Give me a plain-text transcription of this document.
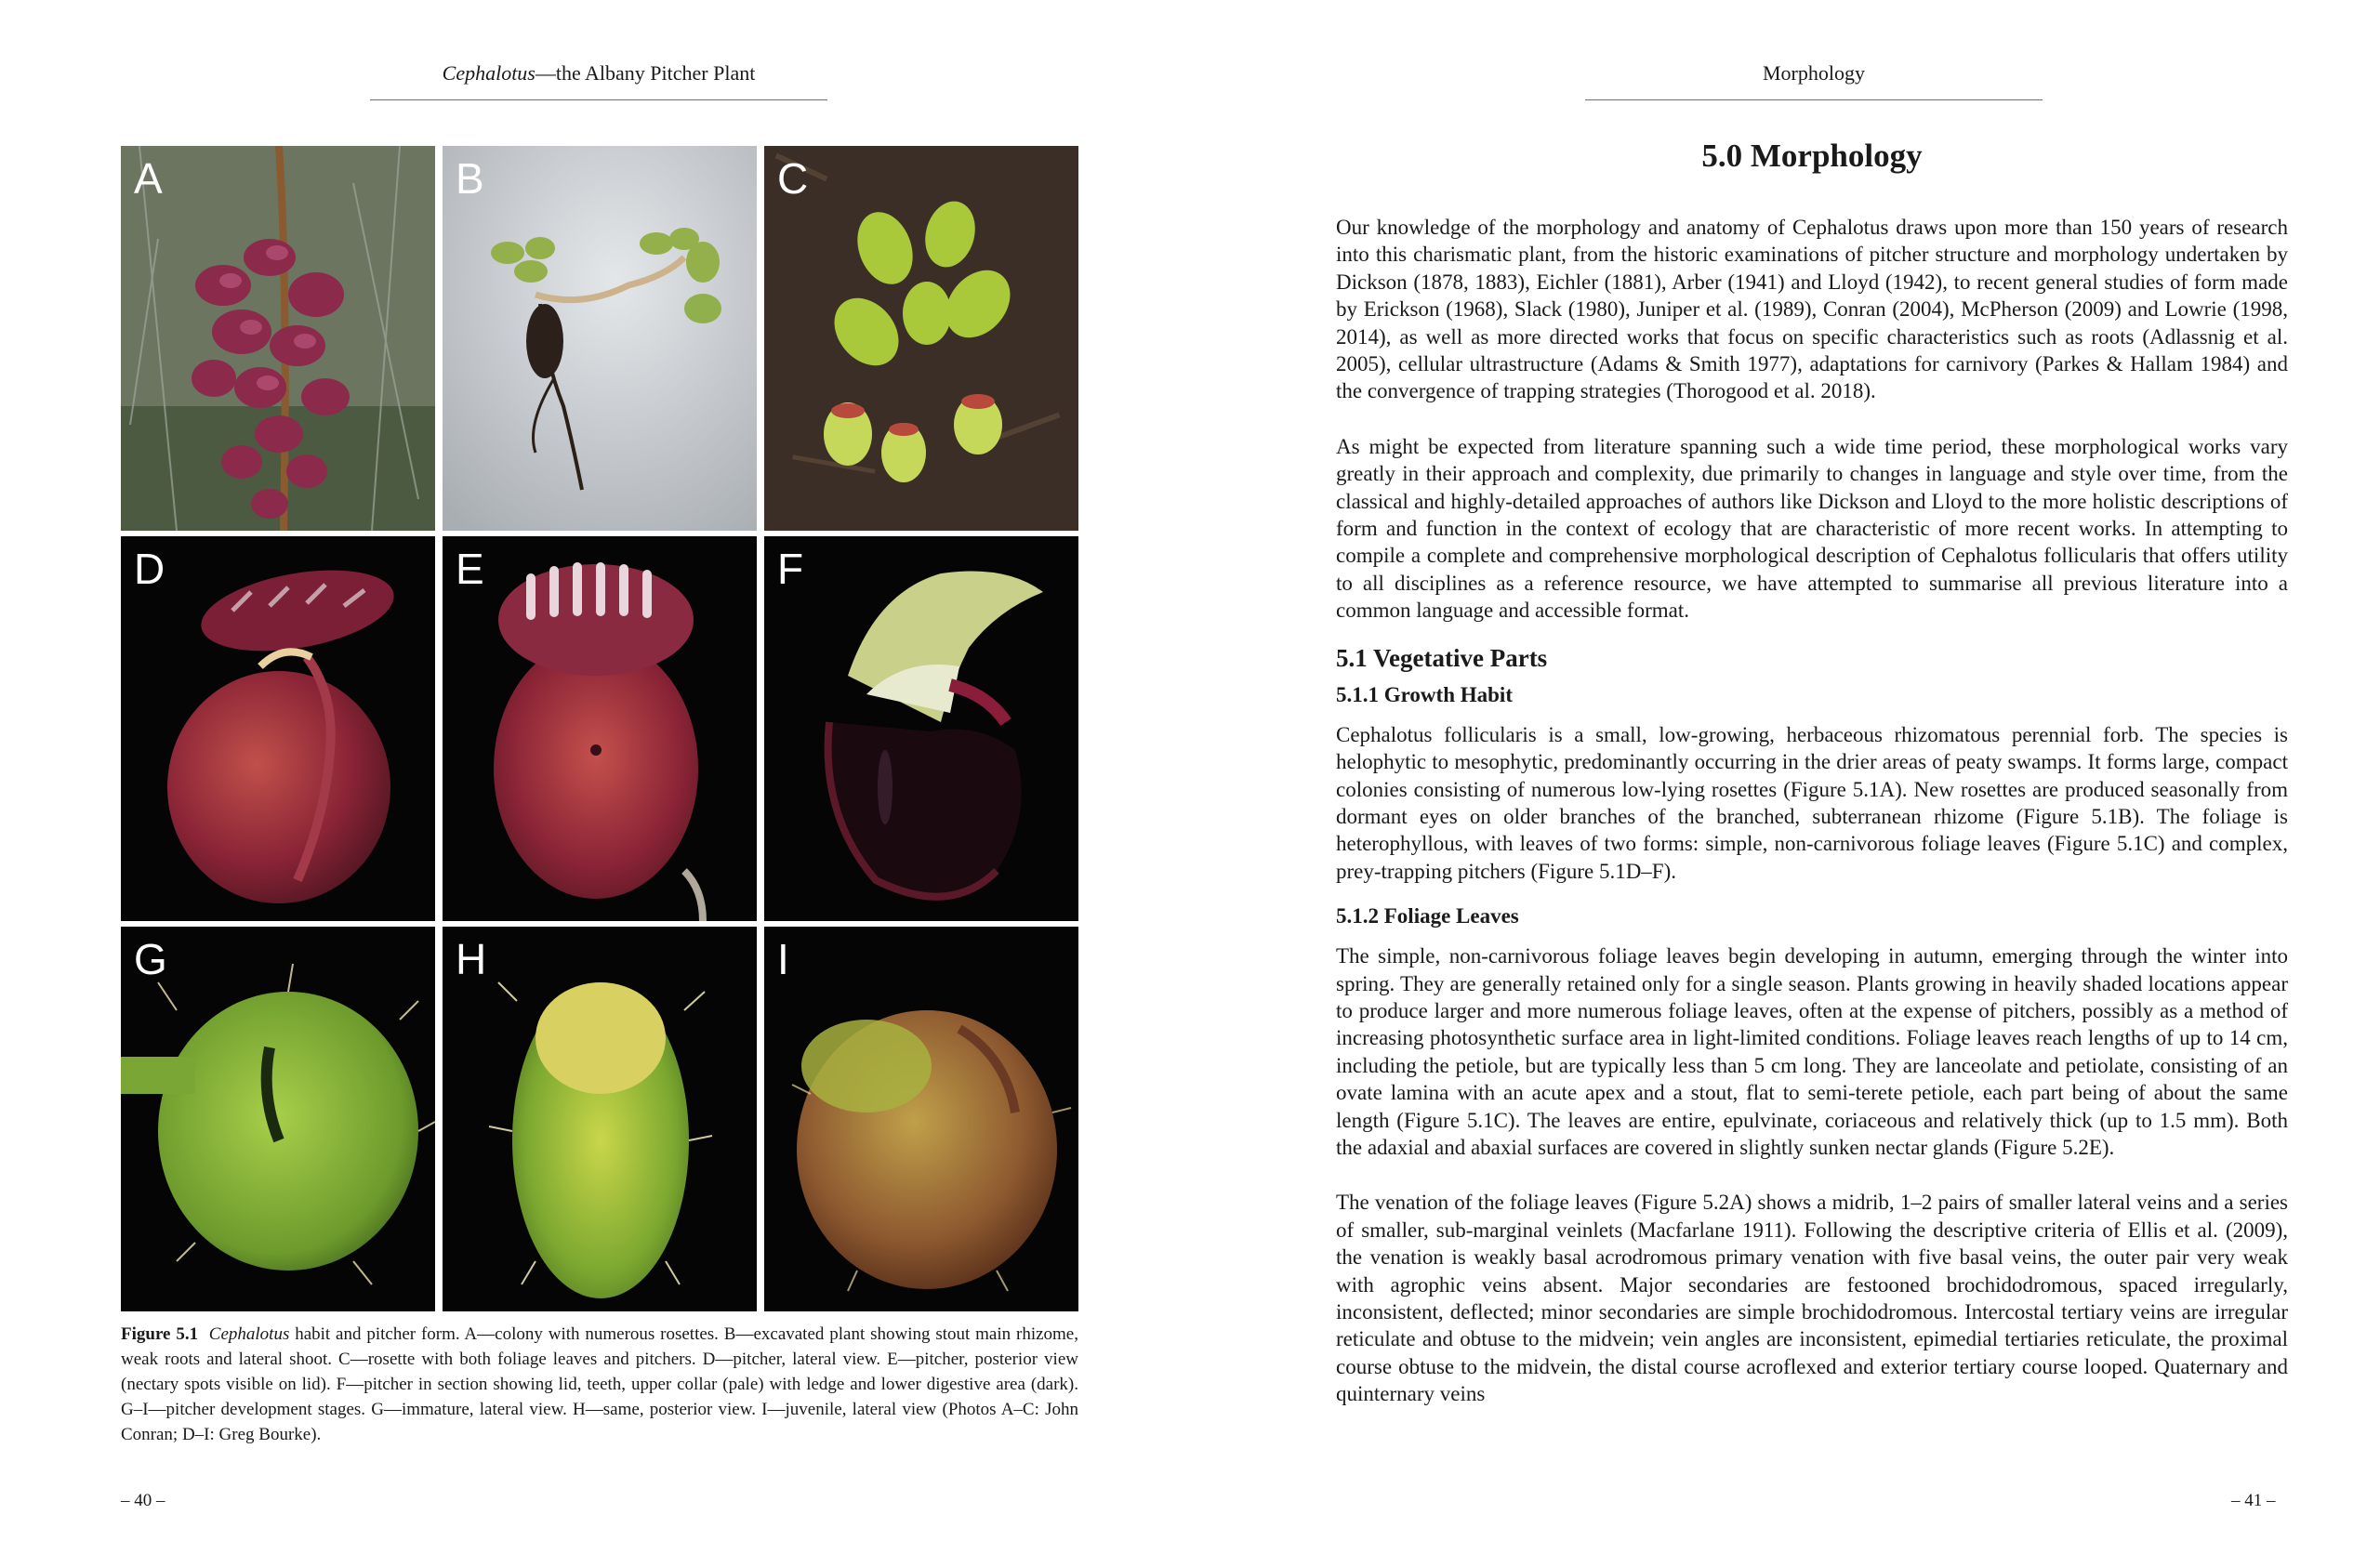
Cephalotus—the Albany Pitcher Plant
A	B	C
D	E	F
G	H	I
Figure 5.1 Cephalotus habit and pitcher form. A—colony with numerous rosettes. B—excavated plant showing stout main rhizome, weak roots and lateral shoot. C—rosette with both foliage leaves and pitchers. D—pitcher, lateral view. E—pitcher, posterior view (nectary spots visible on lid). F—pitcher in section showing lid, teeth, upper collar (pale) with ledge and lower digestive area (dark). G–I—pitcher development stages. G—immature, lateral view. H—same, posterior view. I—juvenile, lateral view (Photos A–C: John Conran; D–I: Greg Bourke).
– 40 –
Morphology
5.0 Morphology

Our knowledge of the morphology and anatomy of Cephalotus draws upon more than 150 years of research into this charismatic plant, from the historic examinations of pitcher structure and morphology undertaken by Dickson (1878, 1883), Eichler (1881), Arber (1941) and Lloyd (1942), to recent general studies of form made by Erickson (1968), Slack (1980), Juniper et al. (1989), Conran (2004), McPherson (2009) and Lowrie (1998, 2014), as well as more directed works that focus on specific characteristics such as roots (Adlassnig et al. 2005), cellular ultrastructure (Adams & Smith 1977), adaptations for carnivory (Parkes & Hallam 1984) and the convergence of trapping strategies (Thorogood et al. 2018).

As might be expected from literature spanning such a wide time period, these morphological works vary greatly in their approach and complexity, due primarily to changes in language and style over time, from the classical and highly-detailed approaches of authors like Dickson and Lloyd to the more holistic descriptions of form and function in the context of ecology that are characteristic of more recent works. In attempting to compile a complete and comprehensive morphological description of Cephalotus follicularis that offers utility to all disciplines as a reference resource, we have attempted to summarise all previous literature into a common language and accessible format.

5.1 Vegetative Parts
5.1.1 Growth Habit

Cephalotus follicularis is a small, low-growing, herbaceous rhizomatous perennial forb. The species is helophytic to mesophytic, predominantly occurring in the drier areas of peaty swamps. It forms large, compact colonies consisting of numerous low-lying rosettes (Figure 5.1A). New rosettes are produced seasonally from dormant eyes on older branches of the branched, subterranean rhizome (Figure 5.1B). The foliage is heterophyllous, with leaves of two forms: simple, non-carnivorous foliage leaves (Figure 5.1C) and complex, prey-trapping pitchers (Figure 5.1D–F).

5.1.2 Foliage Leaves

The simple, non-carnivorous foliage leaves begin developing in autumn, emerging through the winter into spring. They are generally retained only for a single season. Plants growing in heavily shaded locations appear to produce larger and more numerous foliage leaves, often at the expense of pitchers, possibly as a method of increasing photosynthetic surface area in light-limited conditions. Foliage leaves reach lengths of up to 14 cm, including the petiole, but are typically less than 5 cm long. They are lanceolate and petiolate, consisting of an ovate lamina with an acute apex and a stout, flat to semi-terete petiole, each part being of about the same length (Figure 5.1C). The leaves are entire, epulvinate, coriaceous and relatively thick (up to 1.5 mm). Both the adaxial and abaxial surfaces are covered in slightly sunken nectar glands (Figure 5.2E).

The venation of the foliage leaves (Figure 5.2A) shows a midrib, 1–2 pairs of smaller lateral veins and a series of smaller, sub-marginal veinlets (Macfarlane 1911). Following the descriptive criteria of Ellis et al. (2009), the venation is weakly basal acrodromous primary venation with five basal veins, the outer pair very weak with agrophic veins absent. Major secondaries are festooned brochidodromous, spaced irregularly, inconsistent, deflected; minor secondaries are simple brochidodromous. Intercostal tertiary veins are irregular reticulate and obtuse to the midvein; vein angles are inconsistent, epimedial tertiaries reticulate, the proximal course obtuse to the midvein, the distal course acroflexed and exterior tertiary course looped. Quaternary and quinternary veins

– 41 –
